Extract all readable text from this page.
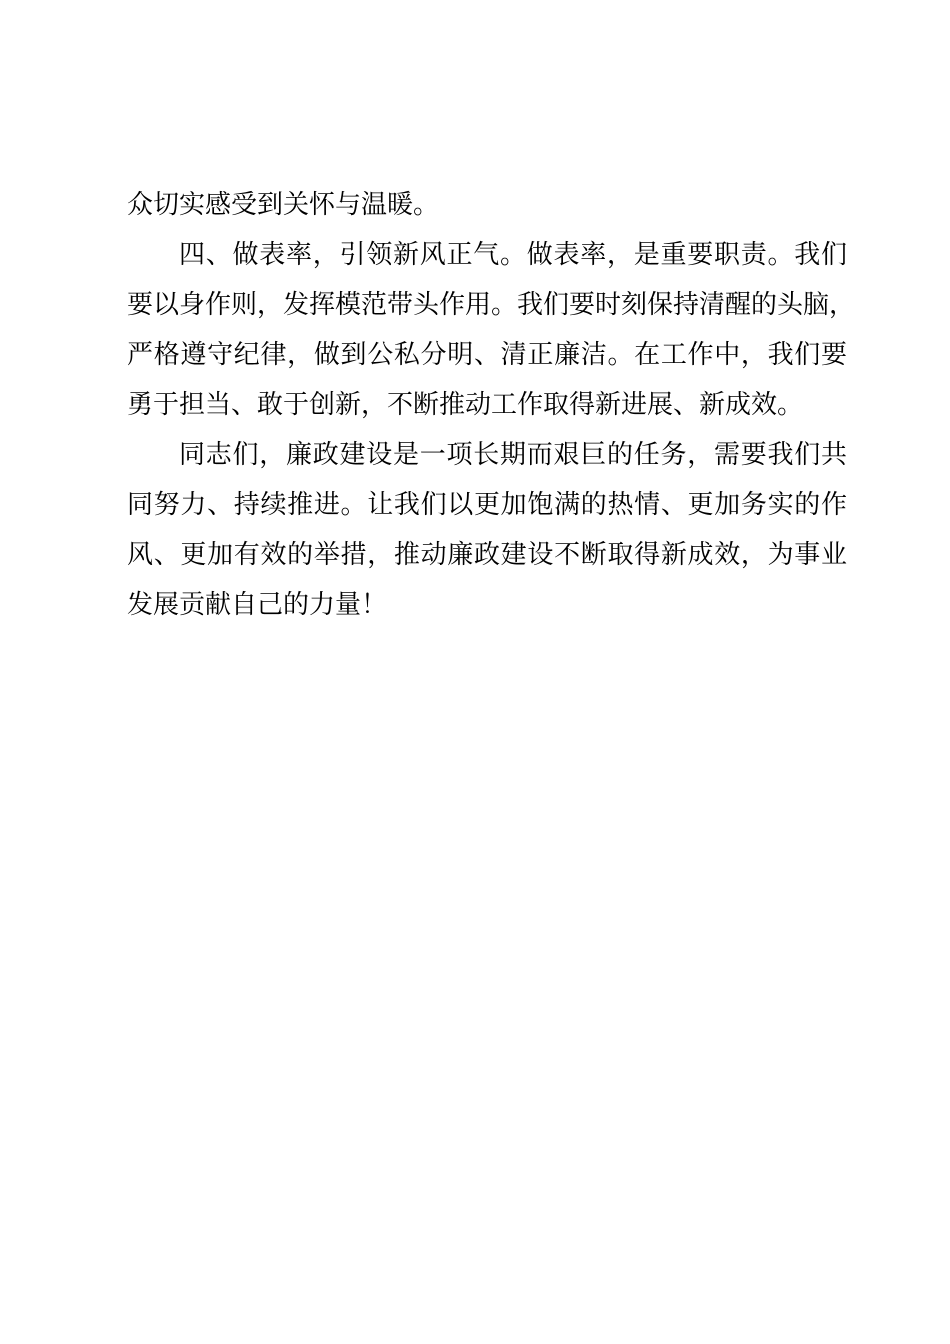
众切实感受到关怀与温暖。
四、做表率，引领新风正气。做表率，是重要职责。我们
要以身作则，发挥模范带头作用。我们要时刻保持清醒的头脑，
严格遵守纪律，做到公私分明、清正廉洁。在工作中，我们要
勇于担当、敢于创新，不断推动工作取得新进展、新成效。
同志们，廉政建设是一项长期而艰巨的任务，需要我们共
同努力、持续推进。让我们以更加饱满的热情、更加务实的作
风、更加有效的举措，推动廉政建设不断取得新成效，为事业
发展贡献自己的力量！
